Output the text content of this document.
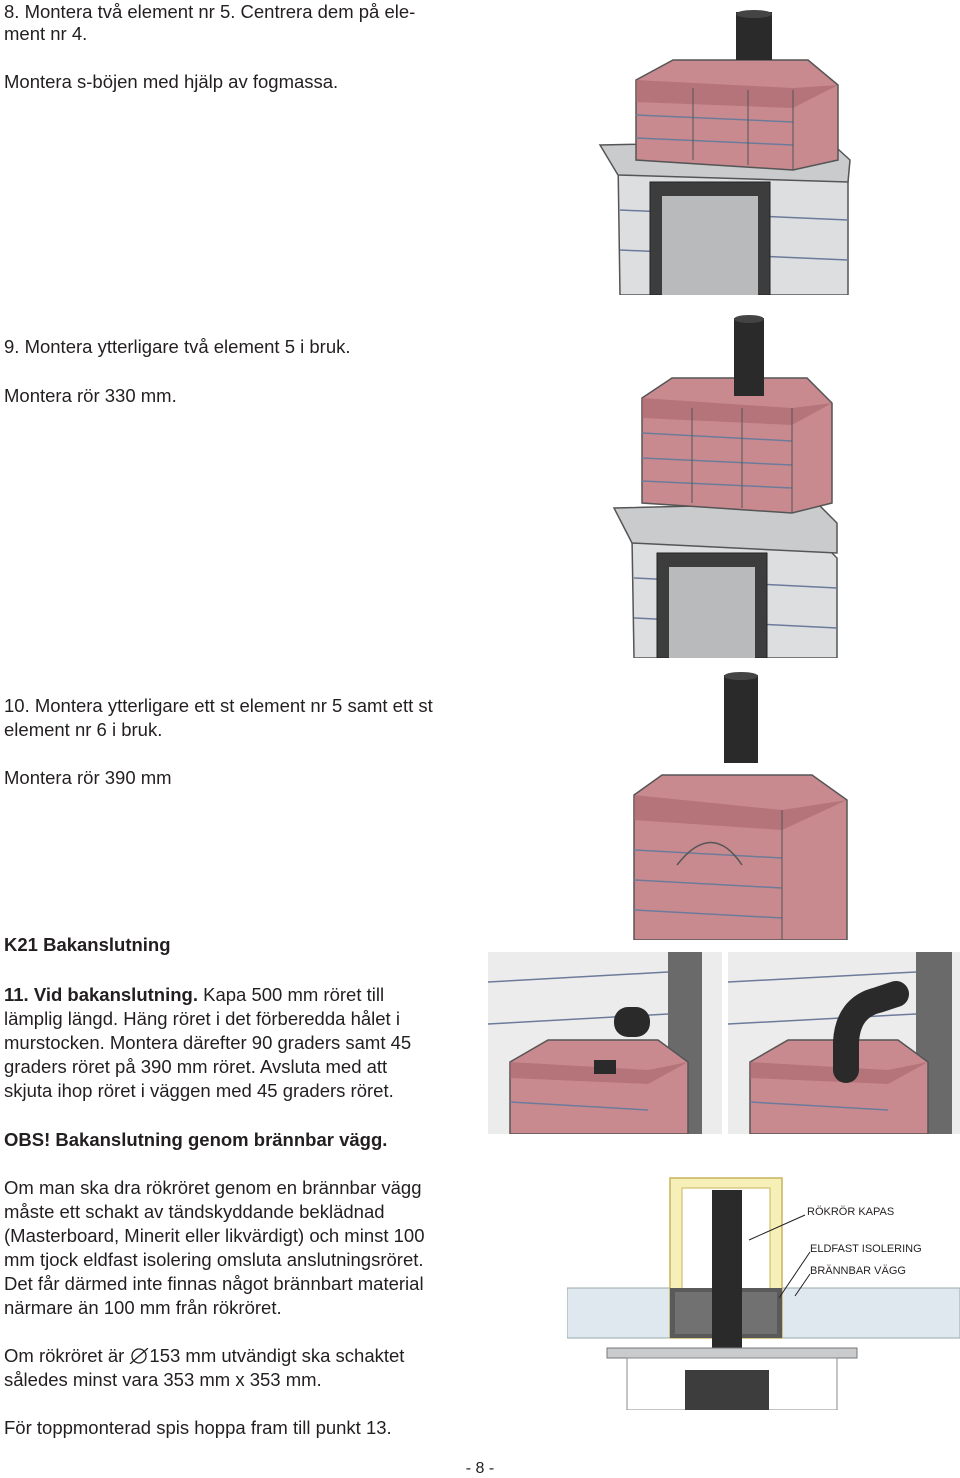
8. Montera två element nr 5. Centrera dem på ele-

ment nr 4.

Montera s-böjen med hjälp av fogmassa.

9. Montera ytterligare två element 5 i bruk.

Montera rör 330 mm.

10. Montera ytterligare ett st element nr 5 samt ett st

element nr 6 i bruk.

Montera rör 390 mm

K21 Bakanslutning

11. Vid bakanslutning. Kapa 500 mm röret till

lämplig längd. Häng röret i det förberedda hålet i

murstocken. Montera därefter 90 graders samt 45

graders röret på 390 mm röret. Avsluta med att

skjuta ihop röret i väggen med 45 graders röret.

OBS! Bakanslutning genom brännbar vägg.

Om man ska dra rökröret genom en brännbar vägg

måste ett schakt av tändskyddande beklädnad

(Masterboard, Minerit eller likvärdigt) och minst 100

mm tjock eldfast isolering omsluta anslutningsröret.

Det får därmed inte finnas något brännbart material

närmare än 100 mm från rökröret.

Om rökröret är 153 mm utvändigt ska schaktet

således minst vara 353 mm x 353 mm.

För toppmonterad spis hoppa fram till punkt 13.

RÖKRÖR KAPAS
ELDFAST ISOLERING
BRÄNNBAR VÄGG
- 8 -
